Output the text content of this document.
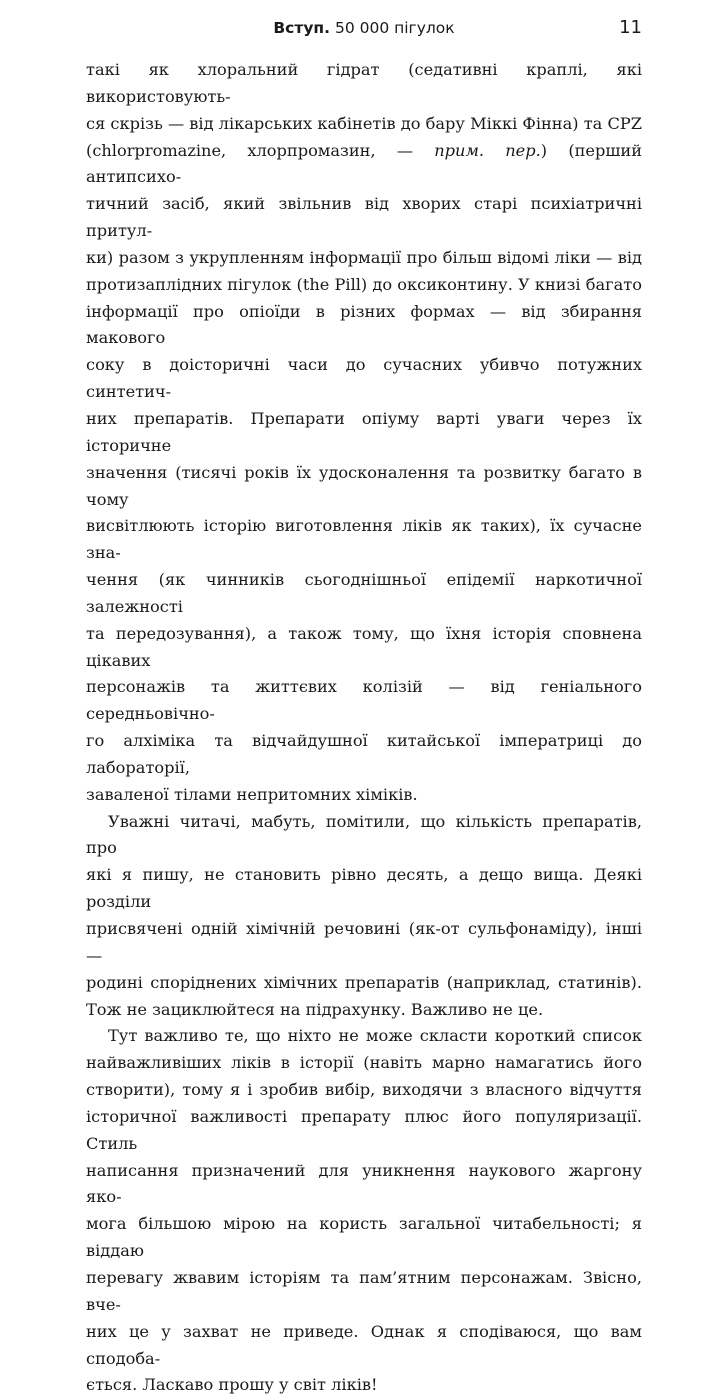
Вступ. 50 000 пігулок	11

такі як хлоральний гідрат (седативні краплі, які використовують-
ся скрізь — від лікарських кабінетів до бару Міккі Фінна) та CPZ
(chlorpromazine, хлорпромазин, — прим. пер.) (перший антипсихо-
тичний засіб, який звільнив від хворих старі психіатричні притул-
ки) разом з укрупленням інформації про більш відомі ліки — від
протизаплідних пігулок (the Pill) до оксиконтину. У книзі багато
інформації про опіоїди в різних формах — від збирання макового
соку в доісторичні часи до сучасних убивчо потужних синтетич-
них препаратів. Препарати опіуму варті уваги через їх історичне
значення (тисячі років їх удосконалення та розвитку багато в чому
висвітлюють історію виготовлення ліків як таких), їх сучасне зна-
чення (як чинників сьогоднішньої епідемії наркотичної залежності
та передозування), а також тому, що їхня історія сповнена цікавих
персонажів та життєвих колізій — від геніального середньовічно-
го алхіміка та відчайдушної китайської імператриці до лабораторії,
заваленої тілами непритомних хіміків.

Уважні читачі, мабуть, помітили, що кількість препаратів, про
які я пишу, не становить рівно десять, а дещо вища. Деякі розділи
присвячені одній хімічній речовині (як-от сульфонаміду), інші —
родині споріднених хімічних препаратів (наприклад, статинів).
Тож не зациклюйтеся на підрахунку. Важливо не це.

Тут важливо те, що ніхто не може скласти короткий список
найважливіших ліків в історії (навіть марно намагатись його
створити), тому я і зробив вибір, виходячи з власного відчуття
історичної важливості препарату плюс його популяризації. Стиль
написання призначений для уникнення наукового жаргону яко-
мога більшою мірою на користь загальної читабельності; я віддаю
перевагу жвавим історіям та пам’ятним персонажам. Звісно, вче-
них це у захват не приведе. Однак я сподіваюся, що вам сподоба-
ється. Ласкаво прошу у світ ліків!
